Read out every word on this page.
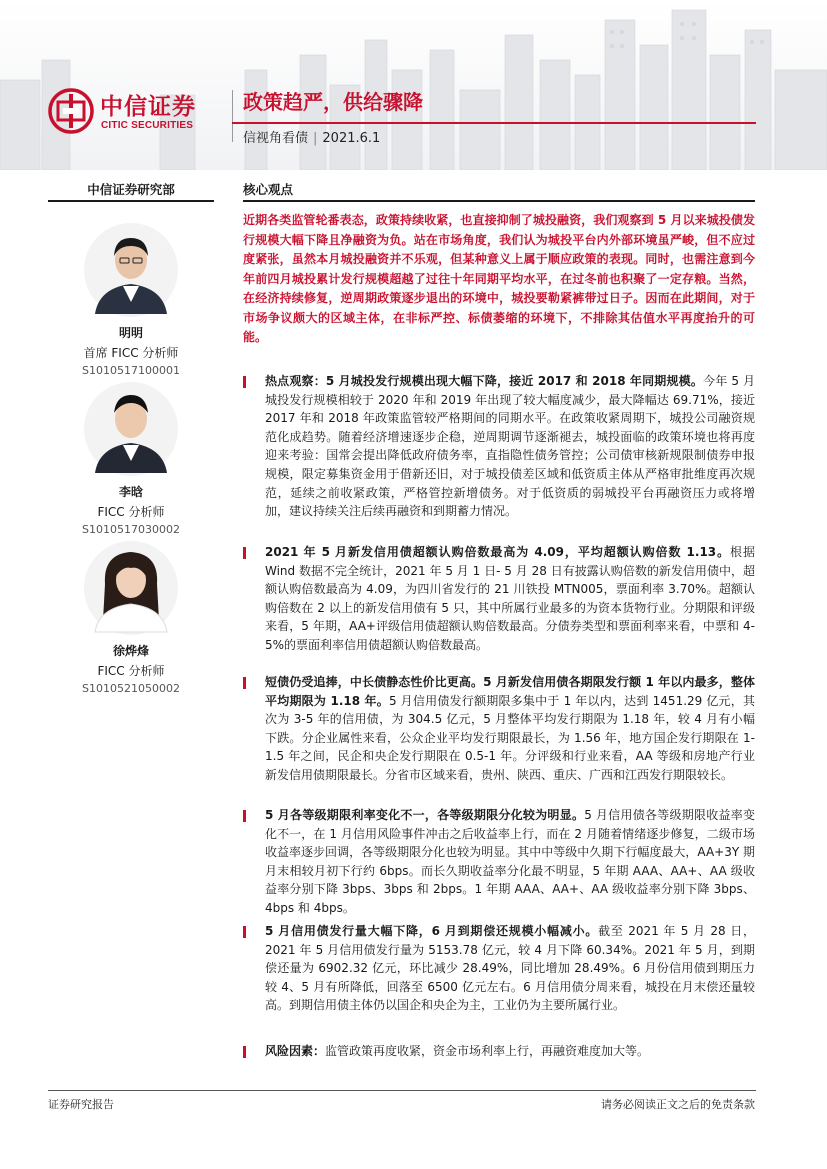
中信证券
CITIC SECURITIES
政策趋严，供给骤降
信视角看债 | 2021.6.1
中信证券研究部	核心观点
明明
首席 FICC 分析师
S1010517100001
李晗
FICC 分析师
S1010517030002
徐烨烽
FICC 分析师
S1010521050002
近期各类监管轮番表态，政策持续收紧，也直接抑制了城投融资，我们观察到 5 月以来城投债发行规模大幅下降且净融资为负。站在市场角度，我们认为城投平台内外部环境虽严峻，但不应过度紧张，虽然本月城投融资并不乐观，但某种意义上属于顺应政策的表现。同时，也需注意到今年前四月城投累计发行规模超越了过往十年同期平均水平，在过冬前也积聚了一定存粮。当然，在经济持续修复，逆周期政策逐步退出的环境中，城投要勒紧裤带过日子。因而在此期间，对于市场争议颇大的区域主体，在非标严控、标债萎缩的环境下，不排除其估值水平再度抬升的可能。

热点观察：5 月城投发行规模出现大幅下降，接近 2017 和 2018 年同期规模。今年 5 月城投发行规模相较于 2020 年和 2019 年出现了较大幅度减少，最大降幅达 69.71%，接近 2017 年和 2018 年政策监管较严格期间的同期水平。在政策收紧周期下，城投公司融资规范化成趋势。随着经济增速逐步企稳，逆周期调节逐渐褪去，城投面临的政策环境也将再度迎来考验：国常会提出降低政府债务率，直指隐性债务管控；公司债审核新规限制债券申报规模，限定募集资金用于借新还旧，对于城投债差区域和低资质主体从严格审批维度再次规范，延续之前收紧政策，严格管控新增债务。对于低资质的弱城投平台再融资压力或将增加，建议持续关注后续再融资和到期蓄力情况。

2021 年 5 月新发信用债超额认购倍数最高为 4.09，平均超额认购倍数 1.13。根据 Wind 数据不完全统计，2021 年 5 月 1 日- 5 月 28 日有披露认购倍数的新发信用债中，超额认购倍数最高为 4.09，为四川省发行的 21 川铁投 MTN005，票面利率 3.70%。超额认购倍数在 2 以上的新发信用债有 5 只，其中所属行业最多的为资本货物行业。分期限和评级来看，5 年期，AA+评级信用债超额认购倍数最高。分债券类型和票面利率来看，中票和 4-5%的票面利率信用债超额认购倍数最高。

短债仍受追捧，中长债静态性价比更高。5 月新发信用债各期限发行额 1 年以内最多，整体平均期限为 1.18 年。5 月信用债发行额期限多集中于 1 年以内，达到 1451.29 亿元，其次为 3-5 年的信用债，为 304.5 亿元，5 月整体平均发行期限为 1.18 年，较 4 月有小幅下跌。分企业属性来看，公众企业平均发行期限最长，为 1.56 年，地方国企发行期限在 1-1.5 年之间，民企和央企发行期限在 0.5-1 年。分评级和行业来看，AA 等级和房地产行业新发信用债期限最长。分省市区域来看，贵州、陕西、重庆、广西和江西发行期限较长。

5 月各等级期限利率变化不一，各等级期限分化较为明显。5 月信用债各等级期限收益率变化不一，在 1 月信用风险事件冲击之后收益率上行，而在 2 月随着情绪逐步修复，二级市场收益率逐步回调，各等级期限分化也较为明显。其中中等级中久期下行幅度最大，AA+3Y 期月末相较月初下行约 6bps。而长久期收益率分化最不明显，5 年期 AAA、AA+、AA 级收益率分别下降 3bps、3bps 和 2bps。1 年期 AAA、AA+、AA 级收益率分别下降 3bps、4bps 和 4bps。

5 月信用债发行量大幅下降，6 月到期偿还规模小幅减小。截至 2021 年 5 月 28 日，2021 年 5 月信用债发行量为 5153.78 亿元，较 4 月下降 60.34%。2021 年 5 月，到期偿还量为 6902.32 亿元，环比减少 28.49%，同比增加 28.49%。6 月份信用债到期压力较 4、5 月有所降低，回落至 6500 亿元左右。6 月信用债分周来看，城投在月末偿还量较高。到期信用债主体仍以国企和央企为主，工业仍为主要所属行业。

风险因素：监管政策再度收紧，资金市场利率上行，再融资难度加大等。

证券研究报告	请务必阅读正文之后的免责条款
